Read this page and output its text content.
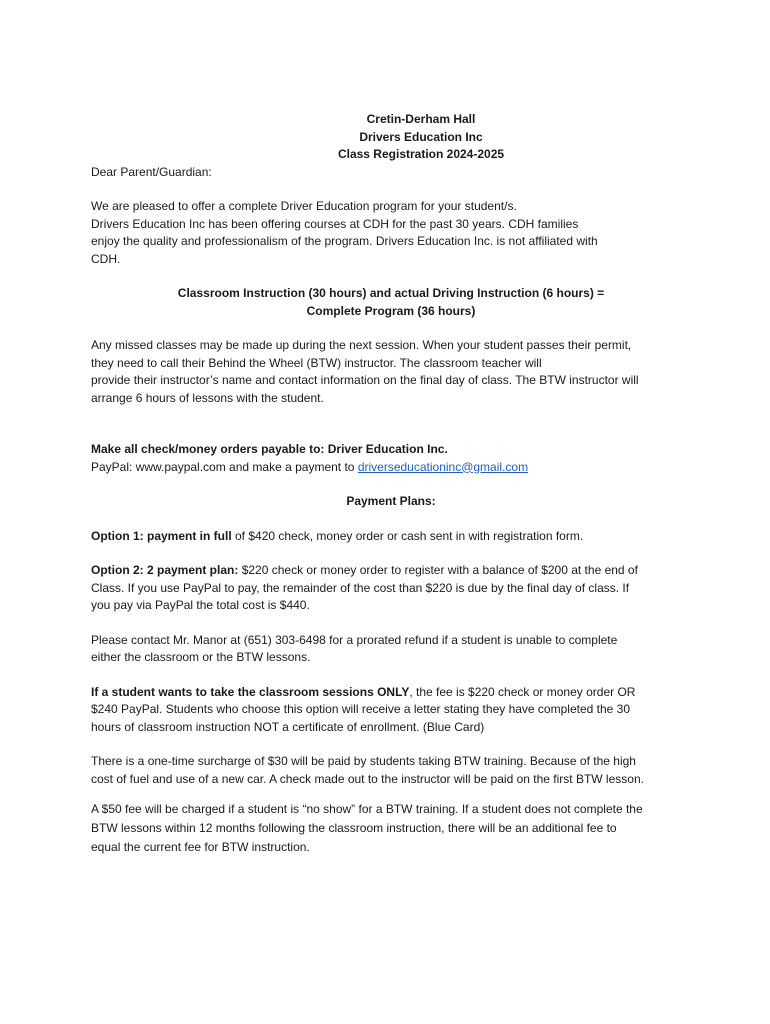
Cretin-Derham Hall
Drivers Education Inc
Class Registration 2024-2025

Dear Parent/Guardian:

We are pleased to offer a complete Driver Education program for your student/s.
Drivers Education Inc has been offering courses at CDH for the past 30 years. CDH families
enjoy the quality and professionalism of the program. Drivers Education Inc. is not affiliated with
CDH.
Classroom Instruction (30 hours) and actual Driving Instruction (6 hours) =
Complete Program (36 hours)
Any missed classes may be made up during the next session. When your student passes their permit,
they need to call their Behind the Wheel (BTW) instructor. The classroom teacher will
provide their instructor’s name and contact information on the final day of class. The BTW instructor will
arrange 6 hours of lessons with the student.
Make all check/money orders payable to: Driver Education Inc.
PayPal: www.paypal.com and make a payment to driverseducationinc@gmail.com
Payment Plans:
Option 1: payment in full of $420 check, money order or cash sent in with registration form.
Option 2: 2 payment plan: $220 check or money order to register with a balance of $200 at the end of
Class. If you use PayPal to pay, the remainder of the cost than $220 is due by the final day of class. If
you pay via PayPal the total cost is $440.
Please contact Mr. Manor at (651) 303-6498 for a prorated refund if a student is unable to complete
either the classroom or the BTW lessons.
If a student wants to take the classroom sessions ONLY, the fee is $220 check or money order OR
$240 PayPal. Students who choose this option will receive a letter stating they have completed the 30
hours of classroom instruction NOT a certificate of enrollment. (Blue Card)
There is a one-time surcharge of $30 will be paid by students taking BTW training. Because of the high
cost of fuel and use of a new car. A check made out to the instructor will be paid on the first BTW lesson.
A $50 fee will be charged if a student is “no show” for a BTW training. If a student does not complete the
BTW lessons within 12 months following the classroom instruction, there will be an additional fee to
equal the current fee for BTW instruction.
